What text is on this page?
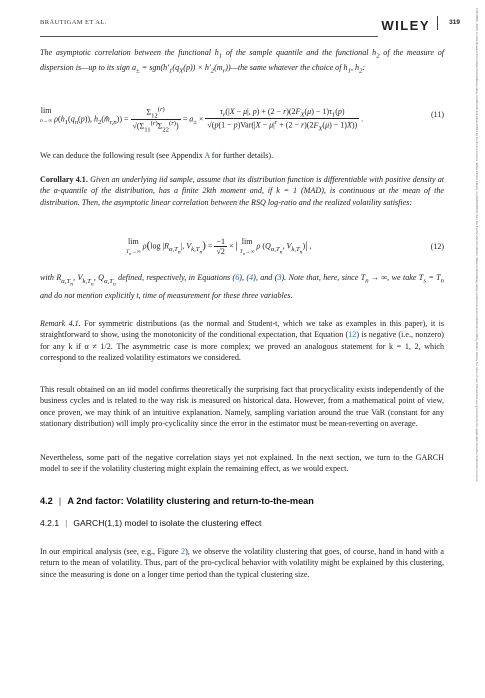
BRÄUTIGAM ET AL.	WILEY	319	14679892, 2023, 2, Downloaded from https://onlinelibrary.wiley.com/doi/10.1111/jtsa.12661 by Cochrane France, Wiley Online Library on [20/02/2023]. See the Terms and Conditions (https://onlinelibrary.wiley.com/terms-and-conditions) on Wiley Online Library for rules of use; OA articles are governed by the applicable Creative Commons License
The asymptotic correlation between the functional $h_1$ of the sample quantile and the functional $h_2$ of the measure of dispersion is—up to its sign $a_\pm = sgn(h'_1(q_X(p))$ × $h'_2(m_r))—the$ same whatever the choice of $h_1$, $h_2$:
lim
n→∞ $\rho(h_1(q_n(p))$, $h_2(m̂_{r,n})) = \frac{\Sigma_{12}^{(r)}}{√(\Sigma_{11}^{(r)}\Sigma_{22}^{(r)})} = a_\pm \times \frac{\tau_r(|X - \mu|, p) + (2 - r)(2F_X(\mu) - 1)\tau_1(p)}{√(p(1 - p)Var(|X - \mu|^r + (2 - r)(2F_X(\mu) - 1)X))}$ .
(11)
We can deduce the following result (see Appendix A for further details).
Corollary 4.1. Given an underlying iid sample, assume that its distribution function is differentiable with positive density at the α-quantile of the distribution, has a finite 2kth moment and, if k = 1 (MAD), is continuous at the mean of the distribution. Then, the asymptotic linear correlation between the RSQ log-ratio and the realized volatility satisfies:
lim
$T_n\to\infty$ ρ(log $|R_{\alpha,T_n}|$, $V_{k,T_n}) = \frac{-1}{√2}$ × | lim
$T_n\to\infty$ ρ ($Q_{\alpha,T_n}$, $V_{k,T_n})|$ ,	(12)
with $R_{\alpha,T_n}$, $V_{k,T_n}$, $Q_{\alpha,T_n}$ defined, respectively, in Equations (6), (4), and (3). Note that, here, since $T_n$ → ∞, we take $T_s = T_n$ and do not mention explicitly t, time of measurement for these three variables.
Remark 4.1. For symmetric distributions (as the normal and Student-t, which we take as examples in this paper), it is straightforward to show, using the monotonicity of the conditional expectation, that Equation (12) is negative (i.e., nonzero) for any k if α ≠ 1/2. The asymmetric case is more complex; we proved an analogous statement for k = 1, 2, which correspond to the realized volatility estimators we considered.
This result obtained on an iid model confirms theoretically the surprising fact that procyclicality exists independently of the business cycles and is related to the way risk is measured on historical data. However, from a mathematical point of view, once proven, we may think of an intuitive explanation. Namely, sampling variation around the true VaR (constant for any stationary distribution) will imply pro-cyclicality since the error in the estimator must be mean-reverting on average.
Nevertheless, some part of the negative correlation stays yet not explained. In the next section, we turn to the GARCH model to see if the volatility clustering might explain the remaining effect, as we would expect.
4.2 | A 2nd factor: Volatility clustering and return-to-the-mean
4.2.1 | GARCH(1,1) model to isolate the clustering effect
In our empirical analysis (see, e.g., Figure 2), we observe the volatility clustering that goes, of course, hand in hand with a return to the mean of volatility. Thus, part of the pro-cyclical behavior with volatility might be explained by this clustering, since the measuring is done on a longer time period than the typical clustering size.
